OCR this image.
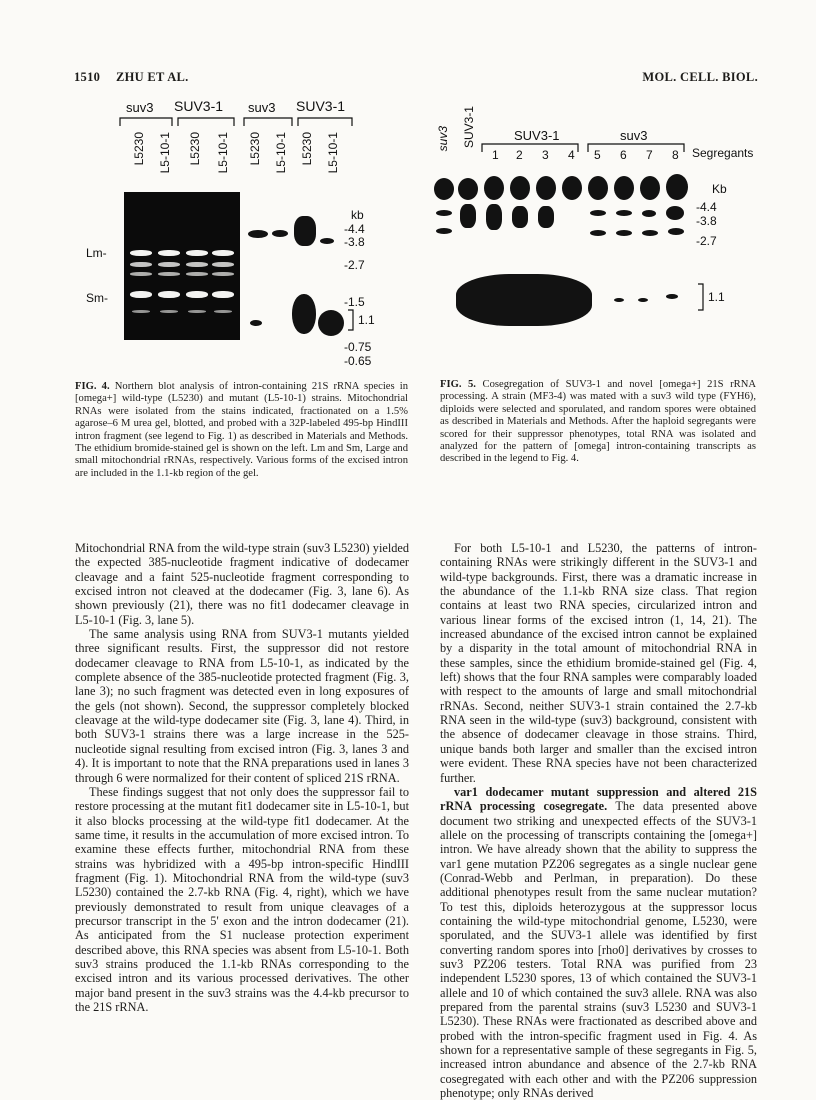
1510 ZHU ET AL.	MOL. CELL. BIOL.
suv3 SUV3-1 suv3 SUV3-1
L5230 L5-10-1 L5230 L5-10-1 L5230 L5-10-1 L5230 L5-10-1
Lm-
Sm-
kb
-4.4
-3.8
-2.7
-1.5
1.1
-0.75
-0.65
suv3 SUV3-1	SUV3-1	suv3
1 2 3 4 5 6 7 8 Segregants
Kb
-4.4
-3.8
-2.7
1.1
FIG. 4. Northern blot analysis of intron-containing 21S rRNA species in [omega+] wild-type (L5230) and mutant (L5-10-1) strains. Mitochondrial RNAs were isolated from the stains indicated, fractionated on a 1.5% agarose–6 M urea gel, blotted, and probed with a 32P-labeled 495-bp HindIII intron fragment (see legend to Fig. 1) as described in Materials and Methods. The ethidium bromide-stained gel is shown on the left. Lm and Sm, Large and small mitochondrial rRNAs, respectively. Various forms of the excised intron are included in the 1.1-kb region of the gel.
FIG. 5. Cosegregation of SUV3-1 and novel [omega+] 21S rRNA processing. A strain (MF3-4) was mated with a suv3 wild type (FYH6), diploids were selected and sporulated, and random spores were obtained as described in Materials and Methods. After the haploid segregants were scored for their suppressor phenotypes, total RNA was isolated and analyzed for the pattern of [omega] intron-containing transcripts as described in the legend to Fig. 4.

Mitochondrial RNA from the wild-type strain (suv3 L5230) yielded the expected 385-nucleotide fragment indicative of dodecamer cleavage and a faint 525-nucleotide fragment corresponding to excised intron not cleaved at the dodecamer (Fig. 3, lane 6). As shown previously (21), there was no fit1 dodecamer cleavage in L5-10-1 (Fig. 3, lane 5).

The same analysis using RNA from SUV3-1 mutants yielded three significant results. First, the suppressor did not restore dodecamer cleavage to RNA from L5-10-1, as indicated by the complete absence of the 385-nucleotide protected fragment (Fig. 3, lane 3); no such fragment was detected even in long exposures of the gels (not shown). Second, the suppressor completely blocked cleavage at the wild-type dodecamer site (Fig. 3, lane 4). Third, in both SUV3-1 strains there was a large increase in the 525-nucleotide signal resulting from excised intron (Fig. 3, lanes 3 and 4). It is important to note that the RNA preparations used in lanes 3 through 6 were normalized for their content of spliced 21S rRNA.

These findings suggest that not only does the suppressor fail to restore processing at the mutant fit1 dodecamer site in L5-10-1, but it also blocks processing at the wild-type fit1 dodecamer. At the same time, it results in the accumulation of more excised intron. To examine these effects further, mitochondrial RNA from these strains was hybridized with a 495-bp intron-specific HindIII fragment (Fig. 1). Mitochondrial RNA from the wild-type (suv3 L5230) contained the 2.7-kb RNA (Fig. 4, right), which we have previously demonstrated to result from unique cleavages of a precursor transcript in the 5' exon and the intron dodecamer (21). As anticipated from the S1 nuclease protection experiment described above, this RNA species was absent from L5-10-1. Both suv3 strains produced the 1.1-kb RNAs corresponding to the excised intron and its various processed derivatives. The other major band present in the suv3 strains was the 4.4-kb precursor to the 21S rRNA.

For both L5-10-1 and L5230, the patterns of intron-containing RNAs were strikingly different in the SUV3-1 and wild-type backgrounds. First, there was a dramatic increase in the abundance of the 1.1-kb RNA size class. That region contains at least two RNA species, circularized intron and various linear forms of the excised intron (1, 14, 21). The increased abundance of the excised intron cannot be explained by a disparity in the total amount of mitochondrial RNA in these samples, since the ethidium bromide-stained gel (Fig. 4, left) shows that the four RNA samples were comparably loaded with respect to the amounts of large and small mitochondrial rRNAs. Second, neither SUV3-1 strain contained the 2.7-kb RNA seen in the wild-type (suv3) background, consistent with the absence of dodecamer cleavage in those strains. Third, unique bands both larger and smaller than the excised intron were evident. These RNA species have not been characterized further.

var1 dodecamer mutant suppression and altered 21S rRNA processing cosegregate. The data presented above document two striking and unexpected effects of the SUV3-1 allele on the processing of transcripts containing the [omega+] intron. We have already shown that the ability to suppress the var1 gene mutation PZ206 segregates as a single nuclear gene (Conrad-Webb and Perlman, in preparation). Do these additional phenotypes result from the same nuclear mutation? To test this, diploids heterozygous at the suppressor locus containing the wild-type mitochondrial genome, L5230, were sporulated, and the SUV3-1 allele was identified by first converting random spores into [rho0] derivatives by crosses to suv3 PZ206 testers. Total RNA was purified from 23 independent L5230 spores, 13 of which contained the SUV3-1 allele and 10 of which contained the suv3 allele. RNA was also prepared from the parental strains (suv3 L5230 and SUV3-1 L5230). These RNAs were fractionated as described above and probed with the intron-specific fragment used in Fig. 4. As shown for a representative sample of these segregants in Fig. 5, increased intron abundance and absence of the 2.7-kb RNA cosegregated with each other and with the PZ206 suppression phenotype; only RNAs derived
